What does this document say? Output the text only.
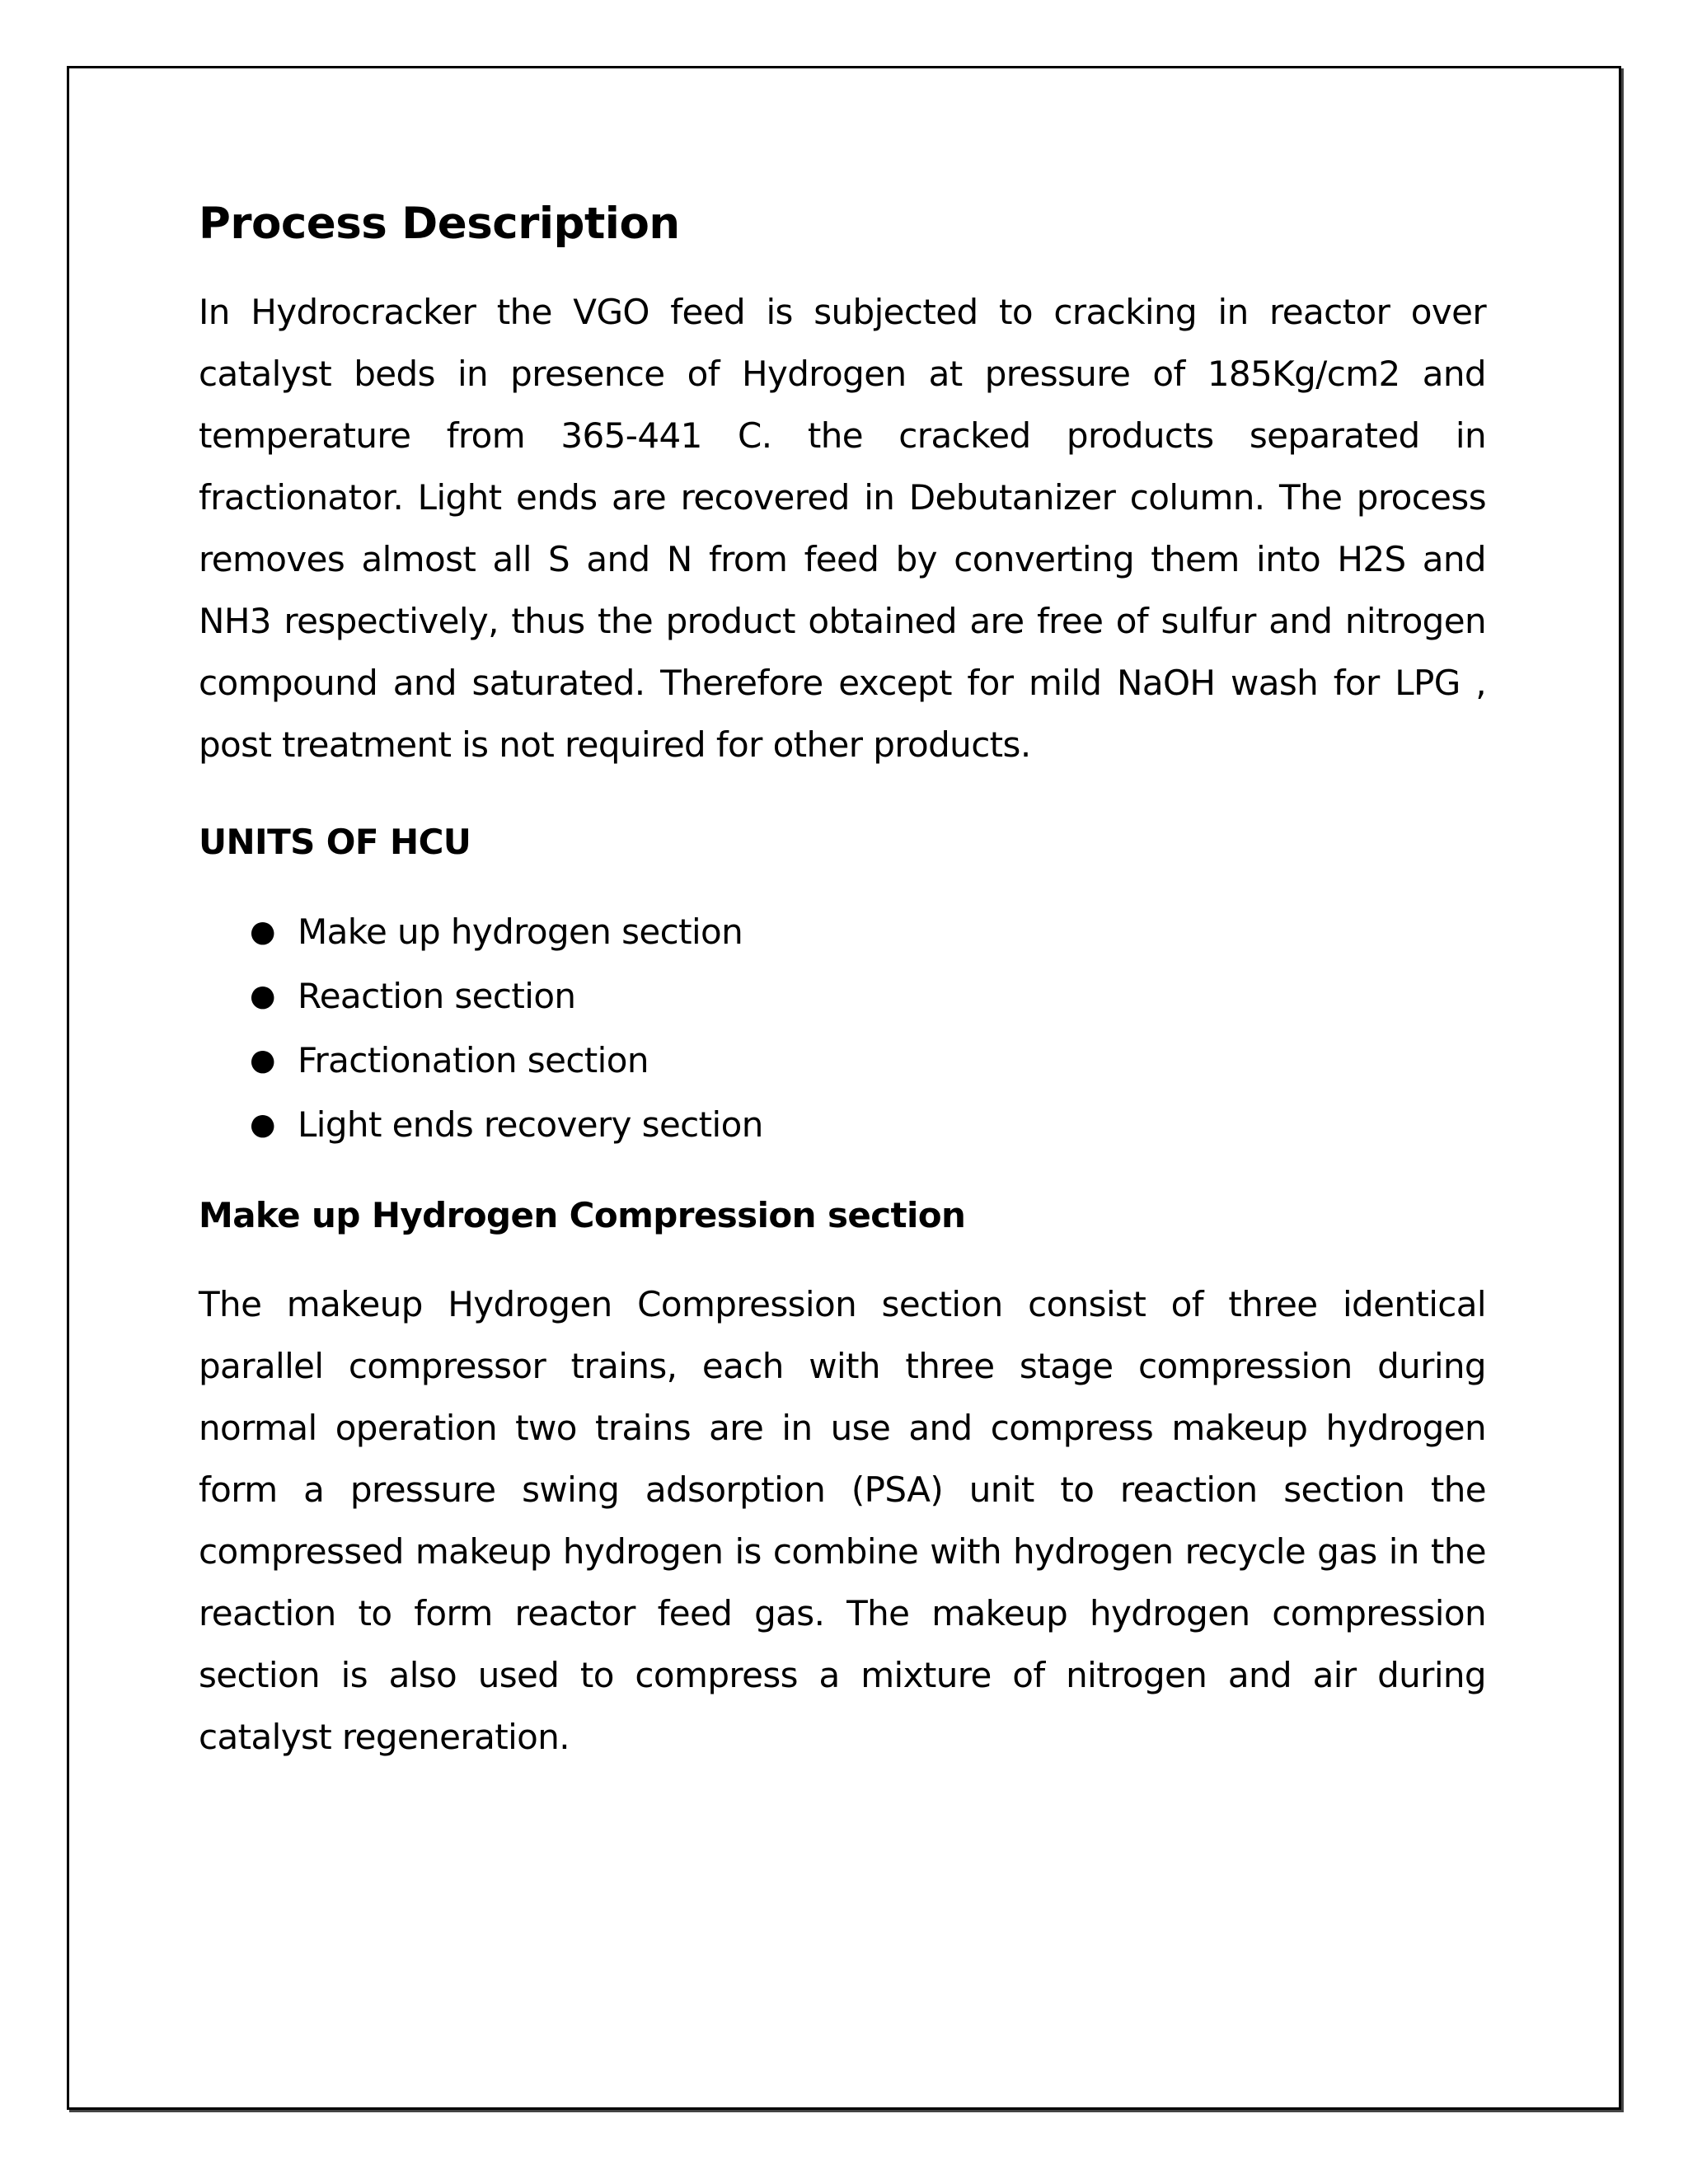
Process Description

In Hydrocracker the VGO feed is subjected to cracking in reactor over catalyst beds in presence of Hydrogen at pressure of 185Kg/cm2 and temperature from 365-441 C. the cracked products separated in fractionator. Light ends are recovered in Debutanizer column. The process removes almost all S and N from feed by converting them into H2S and NH3 respectively, thus the product obtained are free of sulfur and nitrogen compound and saturated. Therefore except for mild NaOH wash for LPG , post treatment is not required for other products.

UNITS OF HCU
● Make up hydrogen section
● Reaction section
● Fractionation section
● Light ends recovery section
Make up Hydrogen Compression section

The makeup Hydrogen Compression section consist of three identical parallel compressor trains, each with three stage compression during normal operation two trains are in use and compress makeup hydrogen form a pressure swing adsorption (PSA) unit to reaction section the compressed makeup hydrogen is combine with hydrogen recycle gas in the reaction to form reactor feed gas. The makeup hydrogen compression section is also used to compress a mixture of nitrogen and air during catalyst regeneration.
